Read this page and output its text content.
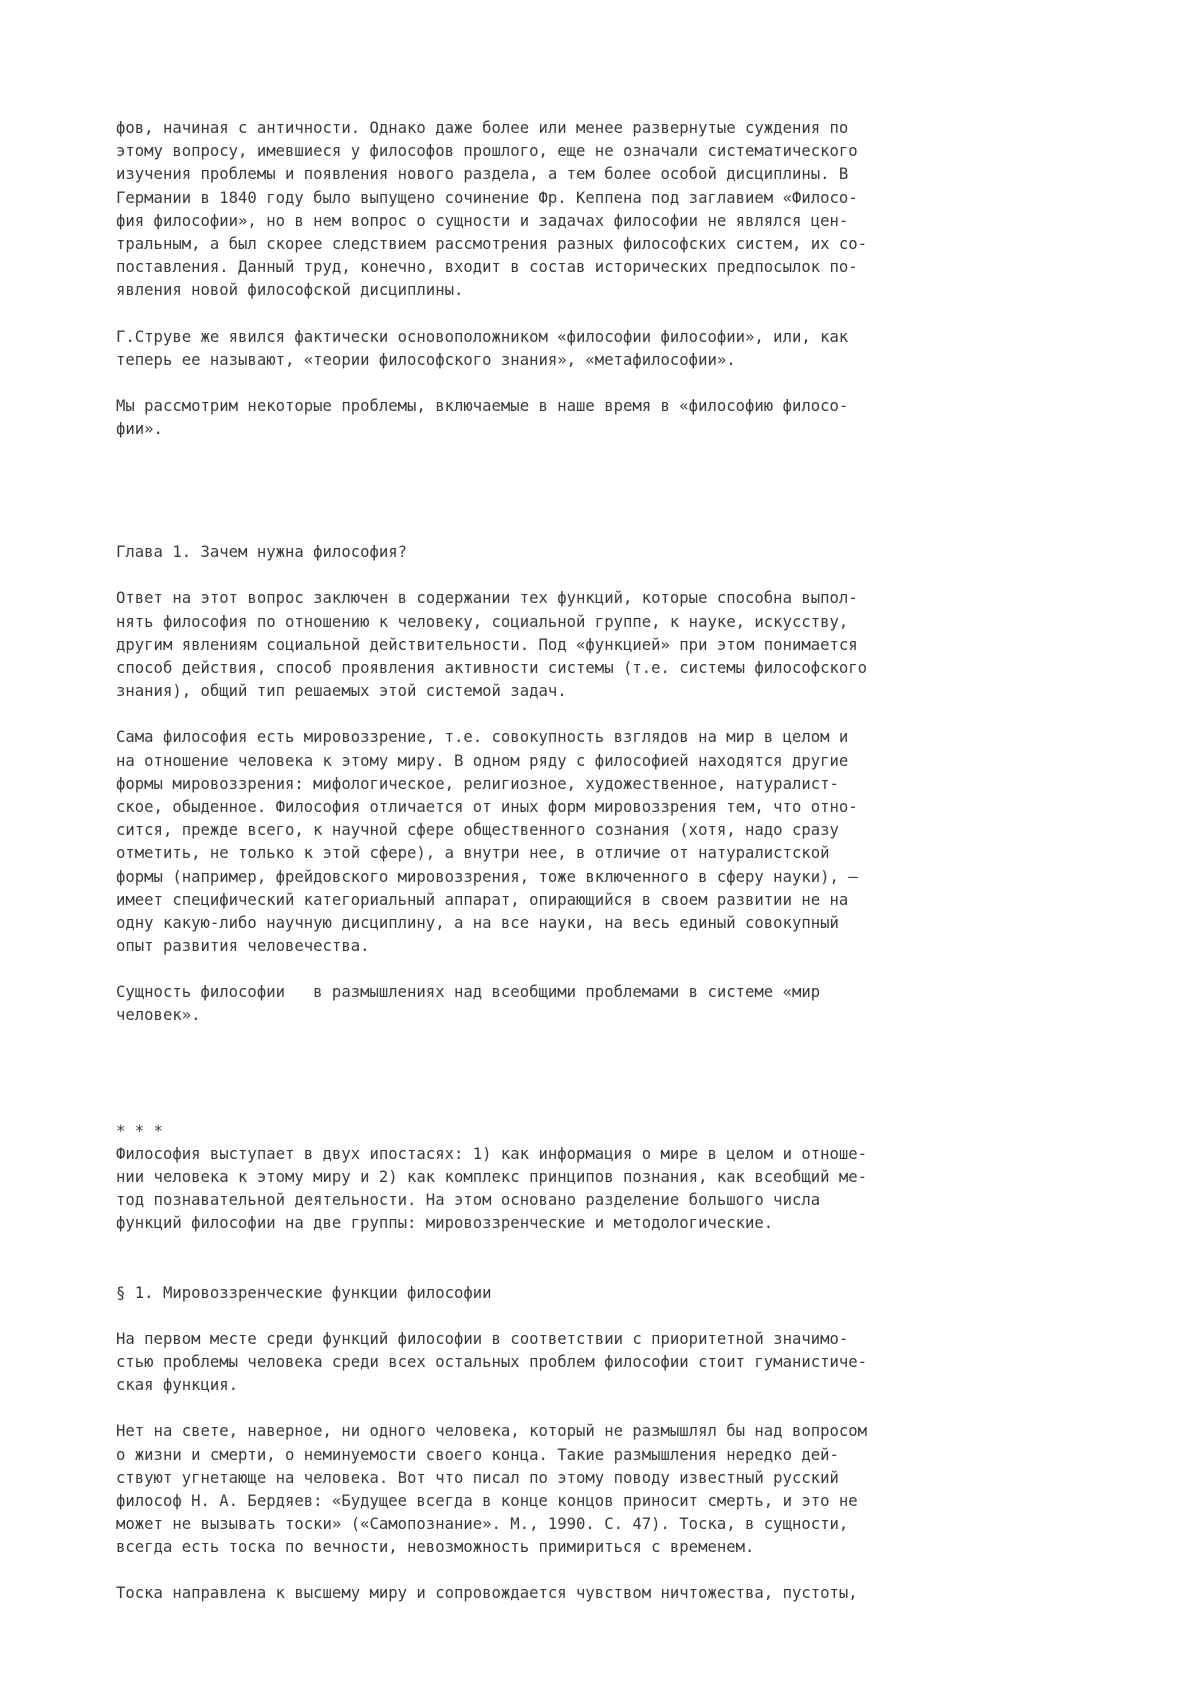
фов, начиная с античности. Однако даже более или менее развернутые суждения по
этому вопросу, имевшиеся у философов прошлого, еще не означали систематического
изучения проблемы и появления нового раздела, а тем более особой дисциплины. В
Германии в 1840 году было выпущено сочинение Фр. Кеппена под заглавием «Филосо-
фия философии», но в нем вопрос о сущности и задачах философии не являлся цен-
тральным, а был скорее следствием рассмотрения разных философских систем, их со-
поставления. Данный труд, конечно, входит в состав исторических предпосылок по-
явления новой философской дисциплины.
Г.Струве же явился фактически основоположником «философии философии», или, как
теперь ее называют, «теории философского знания», «метафилософии».
Мы рассмотрим некоторые проблемы, включаемые в наше время в «философию филосо-
фии».
Глава 1. Зачем нужна философия?
Ответ на этот вопрос заключен в содержании тех функций, которые способна выпол-
нять философия по отношению к человеку, социальной группе, к науке, искусству,
другим явлениям социальной действительности. Под «функцией» при этом понимается
способ действия, способ проявления активности системы (т.е. системы философского
знания), общий тип решаемых этой системой задач.
Сама философия есть мировоззрение, т.е. совокупность взглядов на мир в целом и
на отношение человека к этому миру. В одном ряду с философией находятся другие
формы мировоззрения: мифологическое, религиозное, художественное, натуралист-
ское, обыденное. Философия отличается от иных форм мировоззрения тем, что отно-
сится, прежде всего, к научной сфере общественного сознания (хотя, надо сразу
отметить, не только к этой сфере), а внутри нее, в отличие от натуралистской
формы (например, фрейдовского мировоззрения, тоже включенного в сферу науки), —
имеет специфический категориальный аппарат, опирающийся в своем развитии не на
одну какую-либо научную дисциплину, а на все науки, на весь единый совокупный
опыт развития человечества.
Сущность философии   в размышлениях над всеобщими проблемами в системе «мир
человек».
* * *
Философия выступает в двух ипостасях: 1) как информация о мире в целом и отноше-
нии человека к этому миру и 2) как комплекс принципов познания, как всеобщий ме-
тод познавательной деятельности. На этом основано разделение большого числа
функций философии на две группы: мировоззренческие и методологические.
§ 1. Мировоззренческие функции философии
На первом месте среди функций философии в соответствии с приоритетной значимо-
стью проблемы человека среди всех остальных проблем философии стоит гуманистиче-
ская функция.
Нет на свете, наверное, ни одного человека, который не размышлял бы над вопросом
о жизни и смерти, о неминуемости своего конца. Такие размышления нередко дей-
ствуют угнетающе на человека. Вот что писал по этому поводу известный русский
философ Н. А. Бердяев: «Будущее всегда в конце концов приносит смерть, и это не
может не вызывать тоски» («Самопознание». М., 1990. С. 47). Тоска, в сущности,
всегда есть тоска по вечности, невозможность примириться с временем.
Тоска направлена к высшему миру и сопровождается чувством ничтожества, пустоты,
